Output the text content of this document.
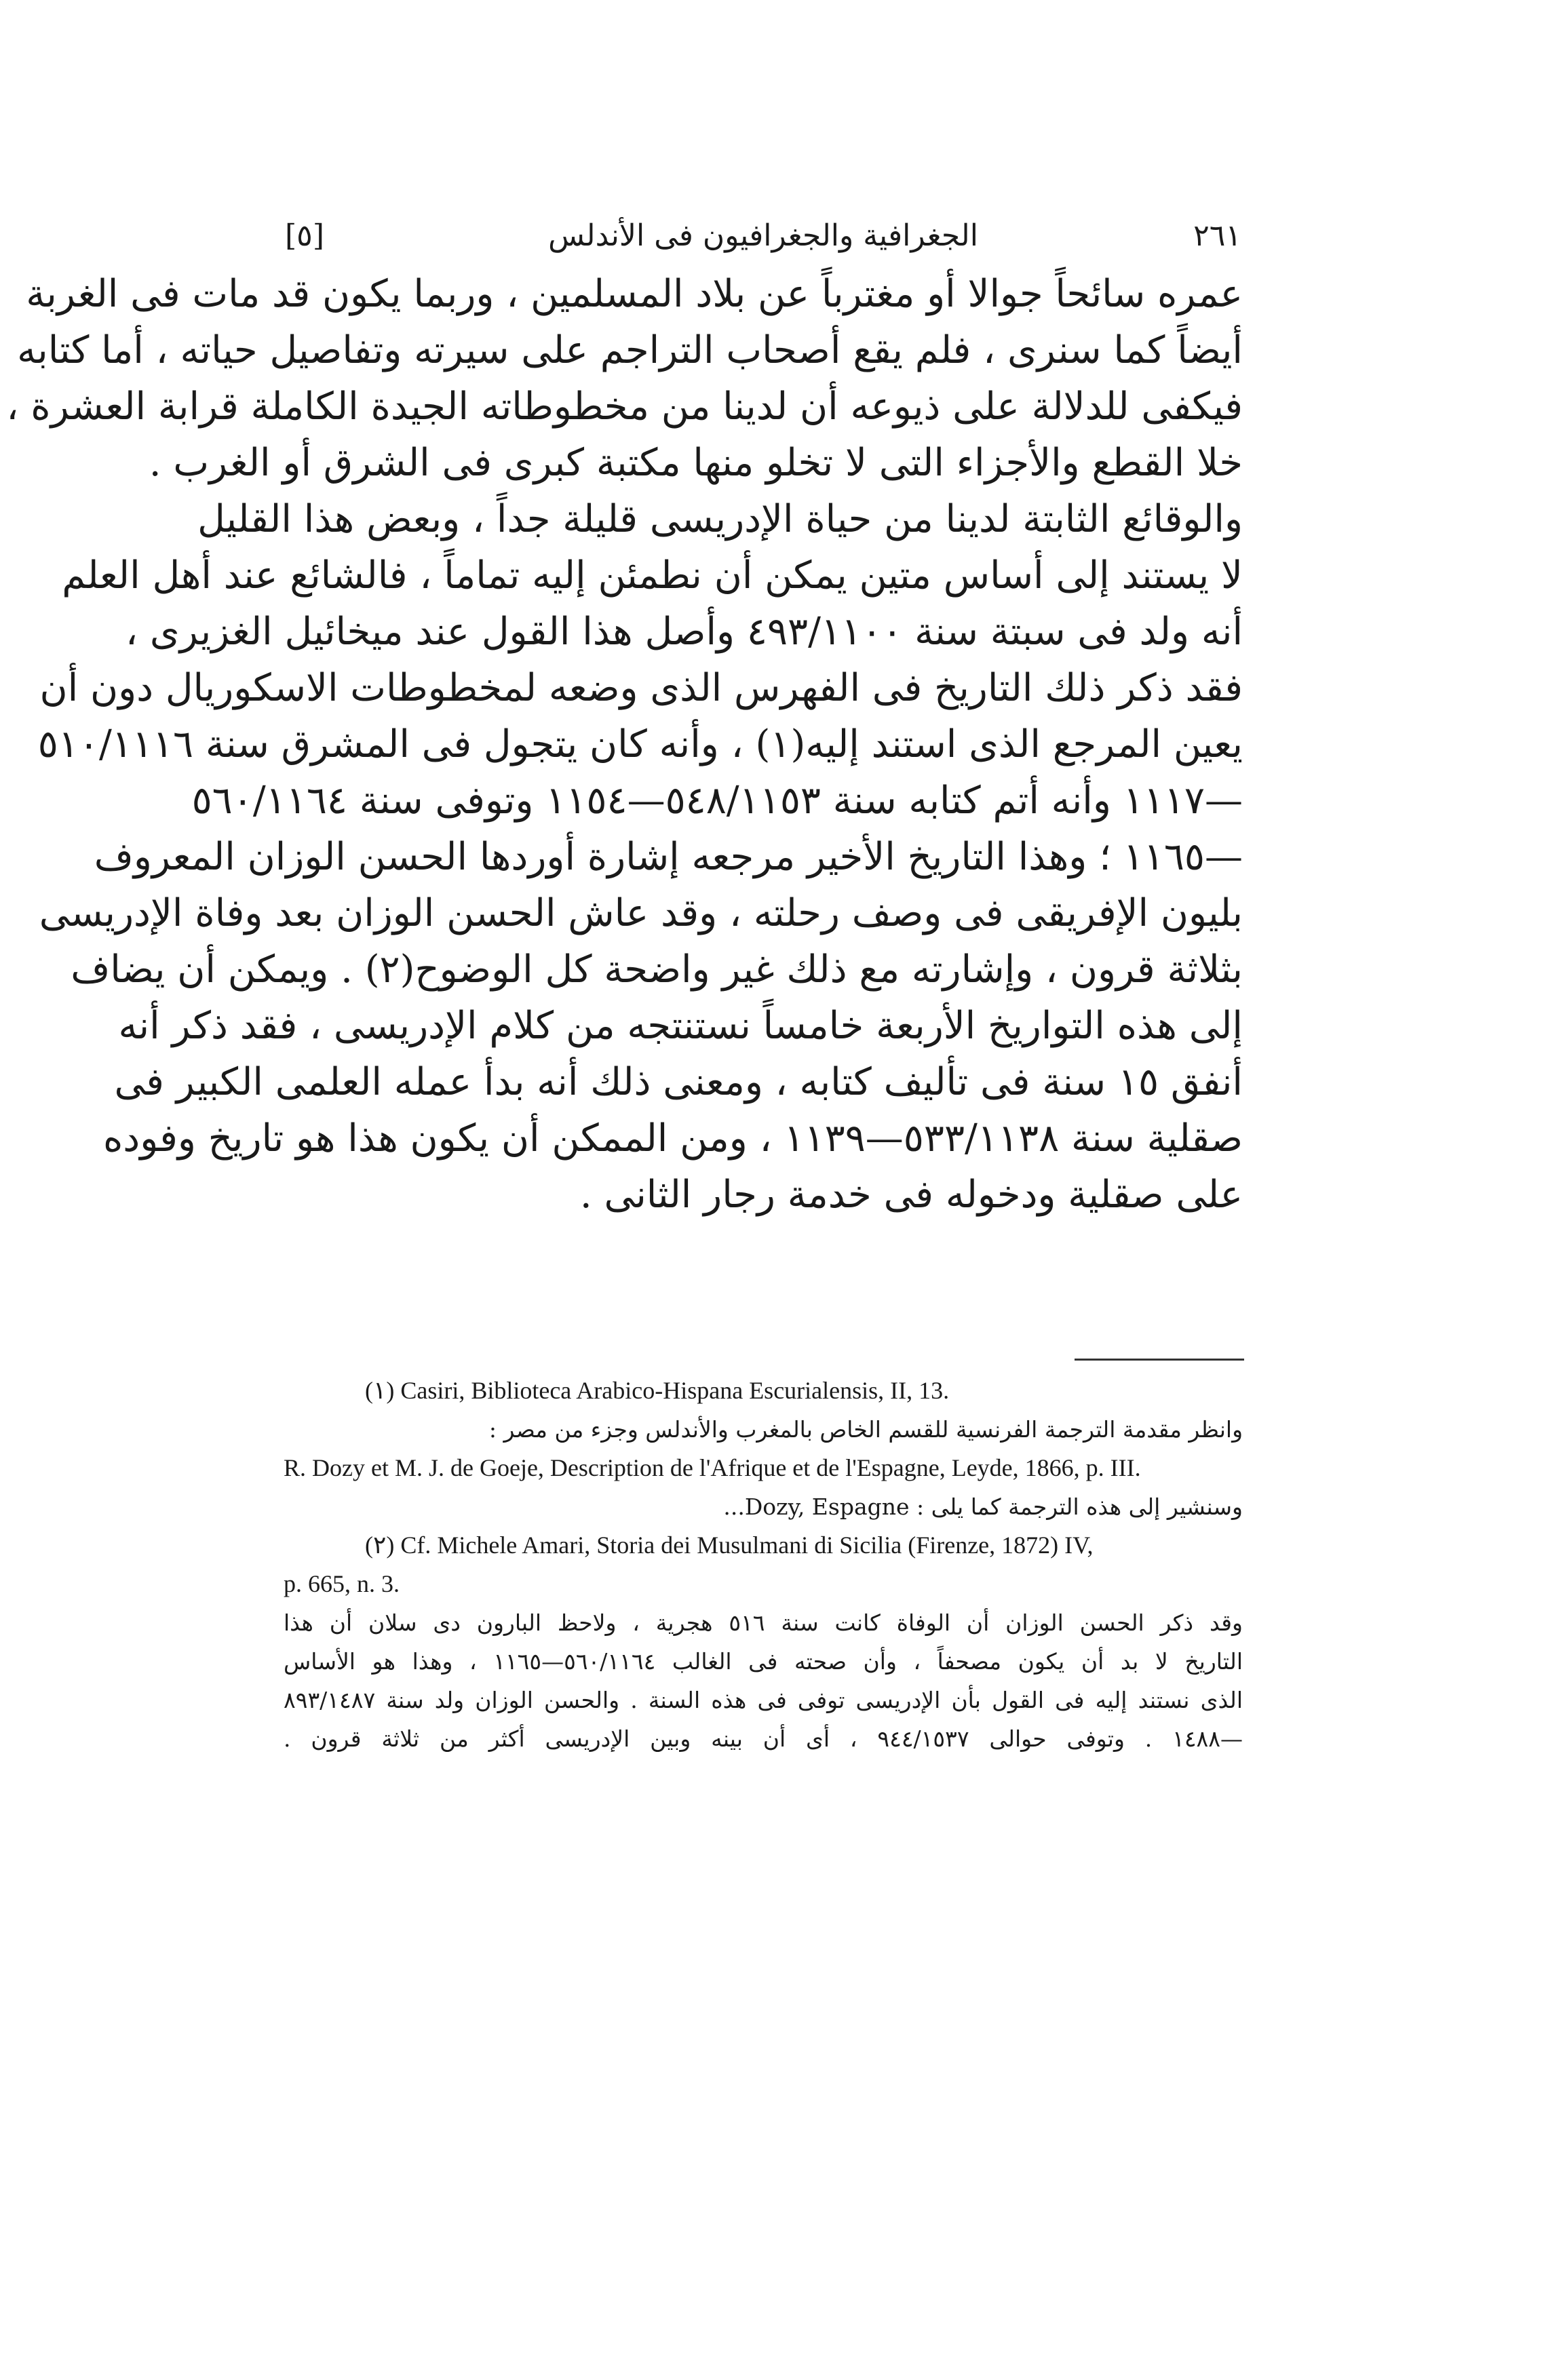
[٥]	الجغرافية والجغرافيون فى الأندلس	٢٦١
عمره سائحاً جوالا أو مغترباً عن بلاد المسلمين ، وربما يكون قد مات فى الغربة
أيضاً كما سنرى ، فلم يقع أصحاب التراجم على سيرته وتفاصيل حياته ، أما كتابه
فيكفى للدلالة على ذيوعه أن لدينا من مخطوطاته الجيدة الكاملة قرابة العشرة ،
خلا القطع والأجزاء التى لا تخلو منها مكتبة كبرى فى الشرق أو الغرب .
والوقائع الثابتة لدينا من حياة الإدريسى قليلة جداً ، وبعض هذا القليل
لا يستند إلى أساس متين يمكن أن نطمئن إليه تماماً ، فالشائع عند أهل العلم
أنه ولد فى سبتة سنة ٤٩٣/١١٠٠ وأصل هذا القول عند ميخائيل الغزيرى ،
فقد ذكر ذلك التاريخ فى الفهرس الذى وضعه لمخطوطات الاسكوريال دون أن
يعين المرجع الذى استند إليه(١) ، وأنه كان يتجول فى المشرق سنة ٥١٠/١١١٦
—١١١٧ وأنه أتم كتابه سنة ٥٤٨/١١٥٣—١١٥٤ وتوفى سنة ٥٦٠/١١٦٤
—١١٦٥ ؛ وهذا التاريخ الأخير مرجعه إشارة أوردها الحسن الوزان المعروف
بليون الإفريقى فى وصف رحلته ، وقد عاش الحسن الوزان بعد وفاة الإدريسى
بثلاثة قرون ، وإشارته مع ذلك غير واضحة كل الوضوح(٢) . ويمكن أن يضاف
إلى هذه التواريخ الأربعة خامساً نستنتجه من كلام الإدريسى ، فقد ذكر أنه
أنفق ١٥ سنة فى تأليف كتابه ، ومعنى ذلك أنه بدأ عمله العلمى الكبير فى
صقلية سنة ٥٣٣/١١٣٨—١١٣٩ ، ومن الممكن أن يكون هذا هو تاريخ وفوده
على صقلية ودخوله فى خدمة رجار الثانى .
(١) Casiri, Biblioteca Arabico-Hispana Escurialensis, II, 13.
وانظر مقدمة الترجمة الفرنسية للقسم الخاص بالمغرب والأندلس وجزء من مصر :
R. Dozy et M. J. de Goeje, Description de l'Afrique et de l'Espagne, Leyde, 1866, p. III.
وسنشير إلى هذه الترجمة كما يلى : Dozy, Espagne...
(٢) Cf. Michele Amari, Storia dei Musulmani di Sicilia (Firenze, 1872) IV,
p. 665, n. 3.
وقد ذكر الحسن الوزان أن الوفاة كانت سنة ٥١٦ هجرية ، ولاحظ البارون دى سلان أن هذا
التاريخ لا بد أن يكون مصحفاً ، وأن صحته فى الغالب ٥٦٠/١١٦٤—١١٦٥ ، وهذا هو الأساس
الذى نستند إليه فى القول بأن الإدريسى توفى فى هذه السنة . والحسن الوزان ولد سنة ٨٩٣/١٤٨٧
—١٤٨٨ . وتوفى حوالى ٩٤٤/١٥٣٧ ، أى أن بينه وبين الإدريسى أكثر من ثلاثة قرون .
